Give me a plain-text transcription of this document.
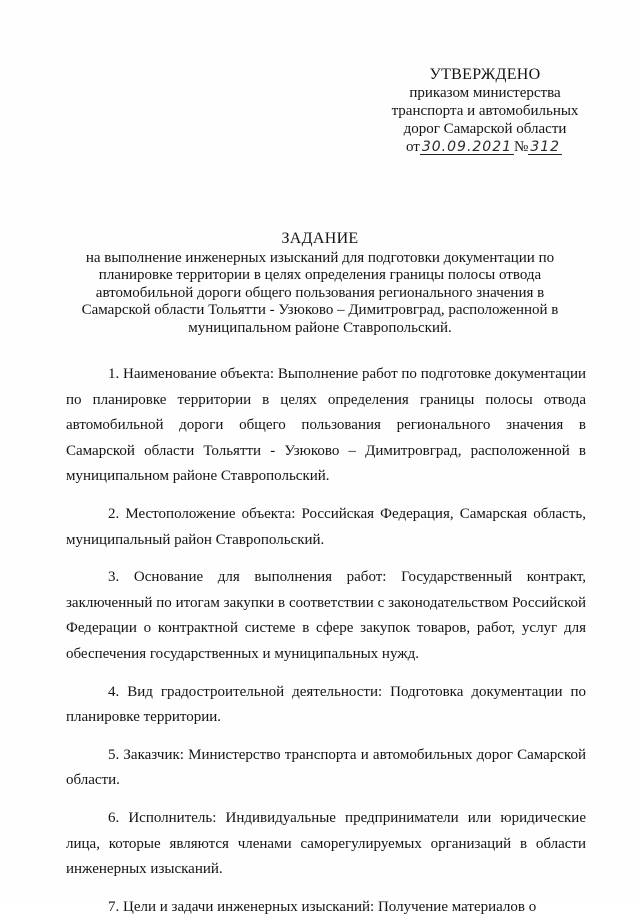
УТВЕРЖДЕНО
приказом министерства
транспорта и автомобильных
дорог Самарской области
от 30.09.2021 № 312
ЗАДАНИЕ
на выполнение инженерных изысканий для подготовки документации по
планировке территории в целях определения границы полосы отвода
автомобильной дороги общего пользования регионального значения в
Самарской области Тольятти - Узюково – Димитровград, расположенной в
муниципальном районе Ставропольский.

1. Наименование объекта: Выполнение работ по подготовке документации по планировке территории в целях определения границы полосы отвода автомобильной дороги общего пользования регионального значения в Самарской области Тольятти - Узюково – Димитровград, расположенной в муниципальном районе Ставропольский.

2. Местоположение объекта: Российская Федерация, Самарская область, муниципальный район Ставропольский.

3. Основание для выполнения работ: Государственный контракт, заключенный по итогам закупки в соответствии с законодательством Российской Федерации о контрактной системе в сфере закупок товаров, работ, услуг для обеспечения государственных и муниципальных нужд.

4. Вид градостроительной деятельности: Подготовка документации по планировке территории.

5. Заказчик: Министерство транспорта и автомобильных дорог Самарской области.

6. Исполнитель: Индивидуальные предприниматели или юридические лица, которые являются членами саморегулируемых организаций в области инженерных изысканий.

7. Цели и задачи инженерных изысканий: Получение материалов о
